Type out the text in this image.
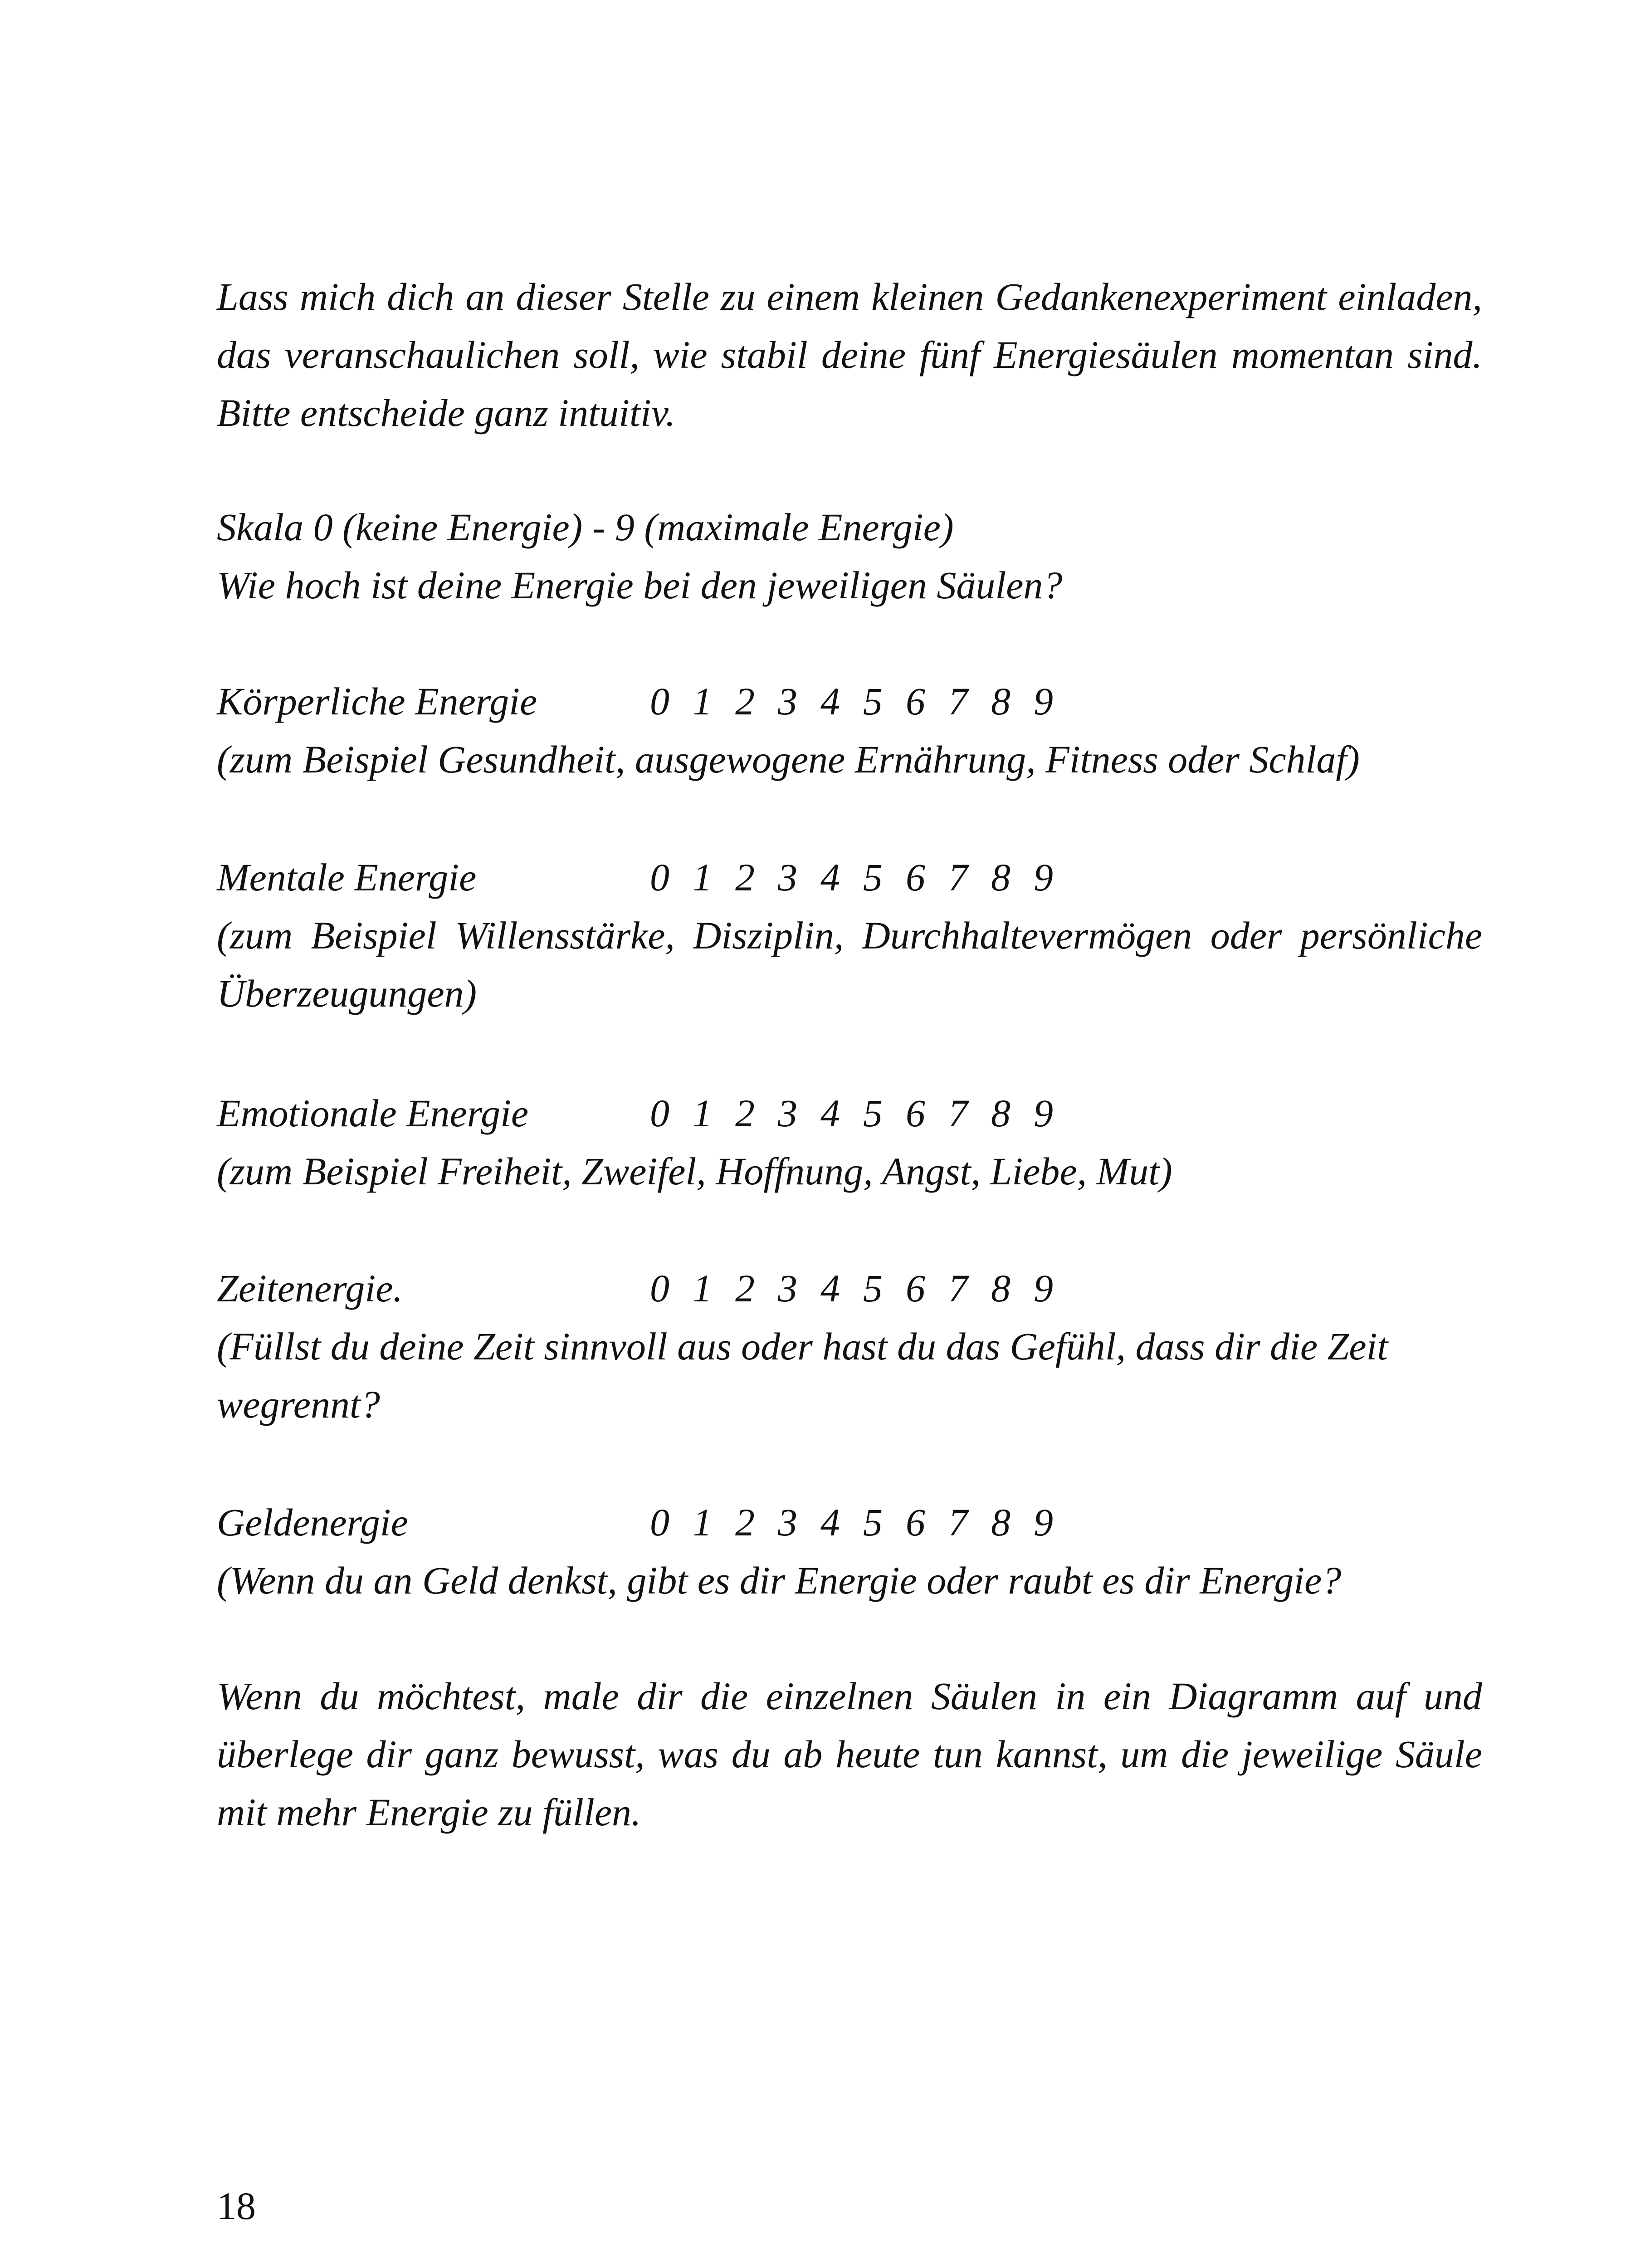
Lass mich dich an dieser Stelle zu einem kleinen Gedankenexperiment einladen, das veranschaulichen soll, wie stabil deine fünf Energiesäulen momentan sind. Bitte entscheide ganz intuitiv.

Skala 0 (keine Energie) - 9 (maximale Energie)

Wie hoch ist deine Energie bei den jeweiligen Säulen?

Körperliche Energie	0 1 2 3 4 5 6 7 8 9

(zum Beispiel Gesundheit, ausgewogene Ernährung, Fitness oder Schlaf)

Mentale Energie	0 1 2 3 4 5 6 7 8 9

(zum Beispiel Willensstärke, Disziplin, Durchhaltevermögen oder persönliche Überzeugungen)

Emotionale Energie	0 1 2 3 4 5 6 7 8 9

(zum Beispiel Freiheit, Zweifel, Hoffnung, Angst, Liebe, Mut)

Zeitenergie.	0 1 2 3 4 5 6 7 8 9

(Füllst du deine Zeit sinnvoll aus oder hast du das Gefühl, dass dir die Zeit wegrennt?

Geldenergie	0 1 2 3 4 5 6 7 8 9

(Wenn du an Geld denkst, gibt es dir Energie oder raubt es dir Energie?

Wenn du möchtest, male dir die einzelnen Säulen in ein Diagramm auf und überlege dir ganz bewusst, was du ab heute tun kannst, um die jeweilige Säule mit mehr Energie zu füllen.

18
